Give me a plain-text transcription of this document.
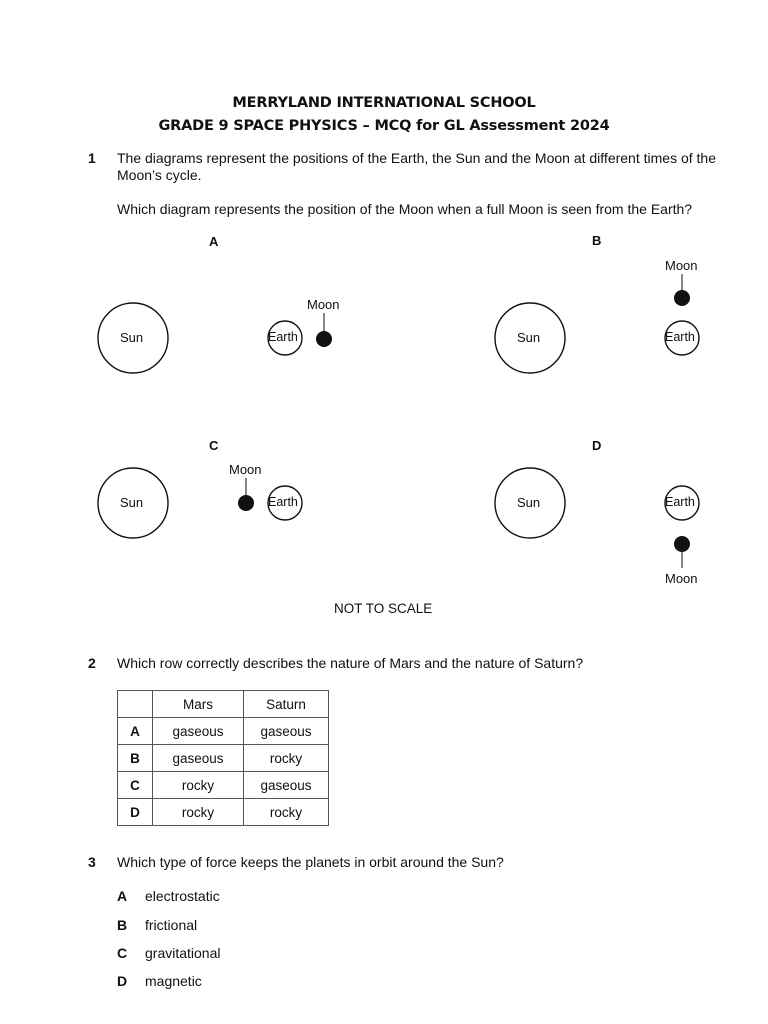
MERRYLAND INTERNATIONAL SCHOOL
GRADE 9 SPACE PHYSICS – MCQ for GL Assessment 2024
1 The diagrams represent the positions of the Earth, the Sun and the Moon at different times of the
Moon’s cycle.
Which diagram represents the position of the Moon when a full Moon is seen from the Earth?
A	B
C	D
Sun	Earth
Moon
Sun	Earth
Moon
Sun	Earth
Moon
Sun	Earth
Moon
NOT TO SCALE
2 Which row correctly describes the nature of Mars and the nature of Saturn?
	Mars	Saturn
A	gaseous	gaseous
B	gaseous	rocky
C	rocky	gaseous
D	rocky	rocky
3 Which type of force keeps the planets in orbit around the Sun?
A electrostatic
B frictional
C gravitational
D magnetic
